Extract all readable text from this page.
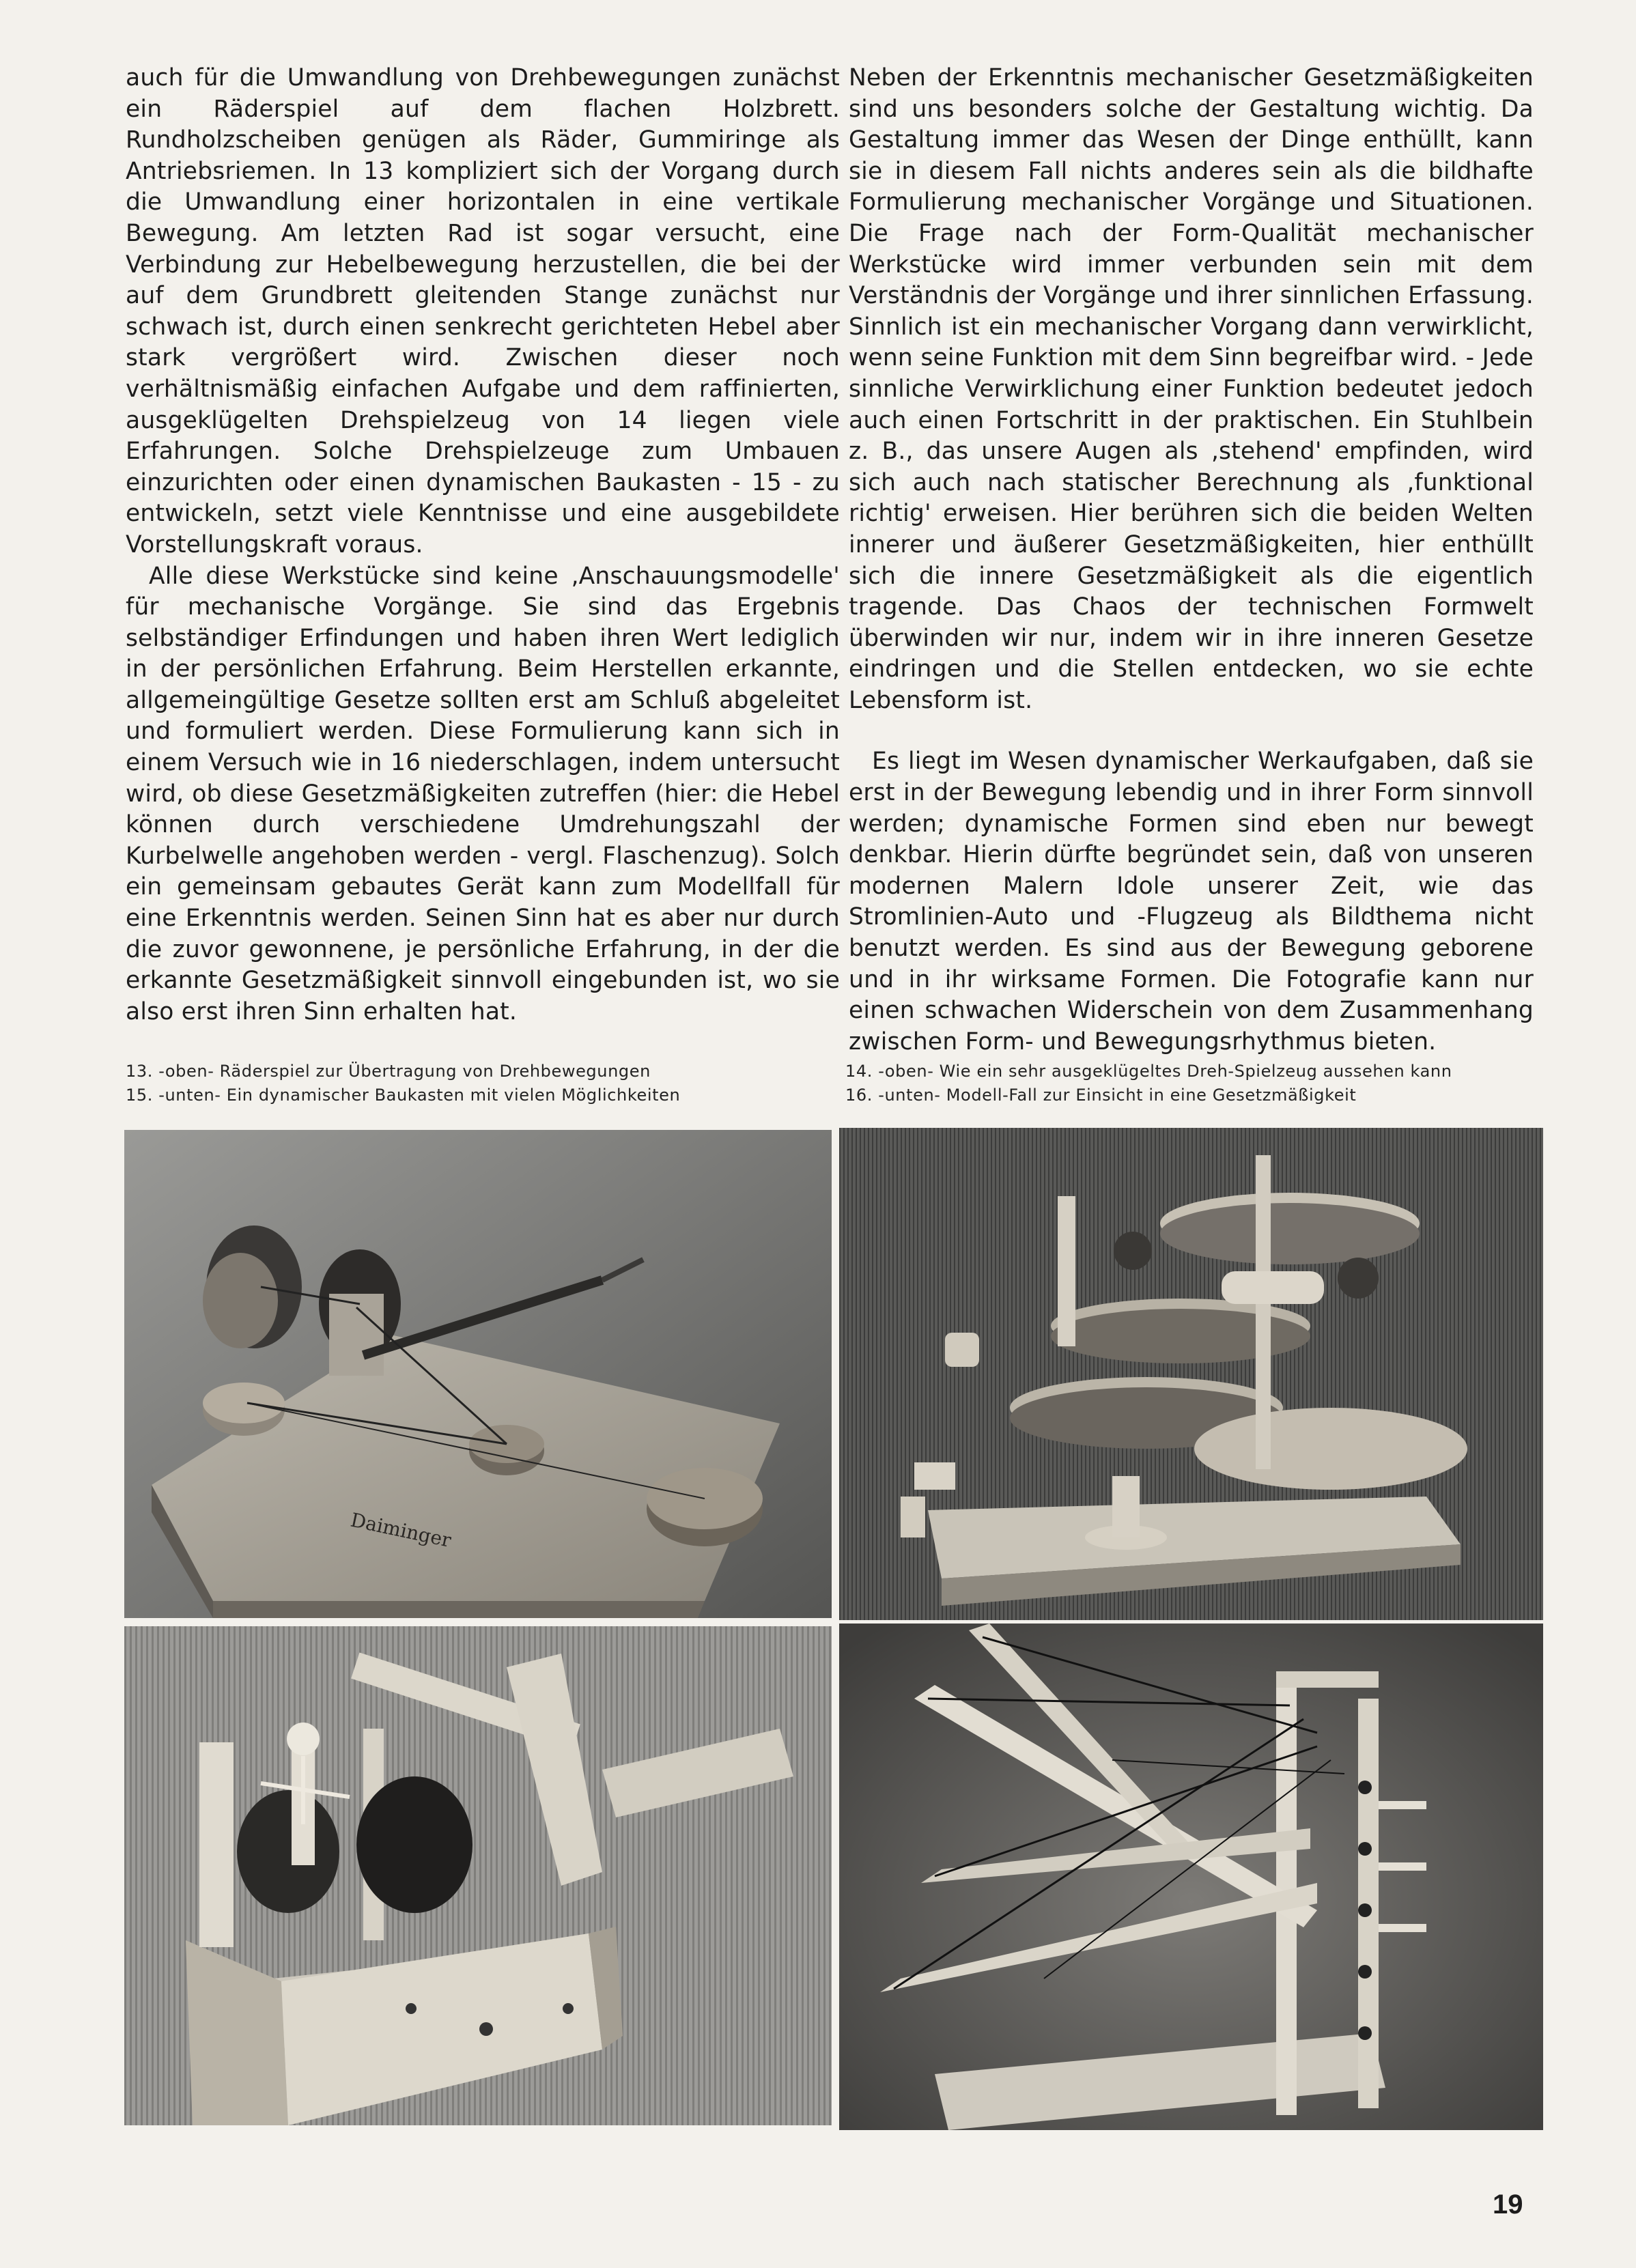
auch für die Umwandlung von Drehbewegungen zunächst ein Räderspiel auf dem flachen Holzbrett. Rundholzscheiben genügen als Räder, Gummiringe als Antriebsriemen. In 13 kompliziert sich der Vorgang durch die Umwandlung einer horizontalen in eine vertikale Bewegung. Am letzten Rad ist sogar versucht, eine Verbindung zur Hebelbewegung herzustellen, die bei der auf dem Grundbrett gleitenden Stange zunächst nur schwach ist, durch einen senkrecht gerichteten Hebel aber stark vergrößert wird. Zwischen dieser noch verhältnismäßig einfachen Aufgabe und dem raffinierten, ausgeklügelten Drehspielzeug von 14 liegen viele Erfahrungen. Solche Drehspielzeuge zum Umbauen einzurichten oder einen dynamischen Baukasten - 15 - zu entwickeln, setzt viele Kenntnisse und eine ausgebildete Vorstellungskraft voraus.

Alle diese Werkstücke sind keine ‚Anschauungsmodelle' für mechanische Vorgänge. Sie sind das Ergebnis selbständiger Erfindungen und haben ihren Wert lediglich in der persönlichen Erfahrung. Beim Herstellen erkannte, allgemeingültige Gesetze sollten erst am Schluß abgeleitet und formuliert werden. Diese Formulierung kann sich in einem Versuch wie in 16 niederschlagen, indem untersucht wird, ob diese Gesetzmäßigkeiten zutreffen (hier: die Hebel können durch verschiedene Umdrehungszahl der Kurbelwelle angehoben werden - vergl. Flaschenzug). Solch ein gemeinsam gebautes Gerät kann zum Modellfall für eine Erkenntnis werden. Seinen Sinn hat es aber nur durch die zuvor gewonnene, je persönliche Erfahrung, in der die erkannte Gesetzmäßigkeit sinnvoll eingebunden ist, wo sie also erst ihren Sinn erhalten hat.

Neben der Erkenntnis mechanischer Gesetzmäßigkeiten sind uns besonders solche der Gestaltung wichtig. Da Gestaltung immer das Wesen der Dinge enthüllt, kann sie in diesem Fall nichts anderes sein als die bildhafte Formulierung mechanischer Vorgänge und Situationen. Die Frage nach der Form-Qualität mechanischer Werkstücke wird immer verbunden sein mit dem Verständnis der Vorgänge und ihrer sinnlichen Erfassung. Sinnlich ist ein mechanischer Vorgang dann verwirklicht, wenn seine Funktion mit dem Sinn begreifbar wird. - Jede sinnliche Verwirklichung einer Funktion bedeutet jedoch auch einen Fortschritt in der praktischen. Ein Stuhlbein z. B., das unsere Augen als ‚stehend' empfinden, wird sich auch nach statischer Berechnung als ‚funktional richtig' erweisen. Hier berühren sich die beiden Welten innerer und äußerer Gesetzmäßigkeiten, hier enthüllt sich die innere Gesetzmäßigkeit als die eigentlich tragende. Das Chaos der technischen Formwelt überwinden wir nur, indem wir in ihre inneren Gesetze eindringen und die Stellen entdecken, wo sie echte Lebensform ist.

Es liegt im Wesen dynamischer Werkaufgaben, daß sie erst in der Bewegung lebendig und in ihrer Form sinnvoll werden; dynamische Formen sind eben nur bewegt denkbar. Hierin dürfte begründet sein, daß von unseren modernen Malern Idole unserer Zeit, wie das Stromlinien-Auto und -Flugzeug als Bildthema nicht benutzt werden. Es sind aus der Bewegung geborene und in ihr wirksame Formen. Die Fotografie kann nur einen schwachen Widerschein von dem Zusammenhang zwischen Form- und Bewegungsrhythmus bieten.

13. -oben- Räderspiel zur Übertragung von Drehbewegungen
15. -unten- Ein dynamischer Baukasten mit vielen Möglichkeiten
14. -oben- Wie ein sehr ausgeklügeltes Dreh-Spielzeug aussehen kann
16. -unten- Modell-Fall zur Einsicht in eine Gesetzmäßigkeit
Daiminger
19
